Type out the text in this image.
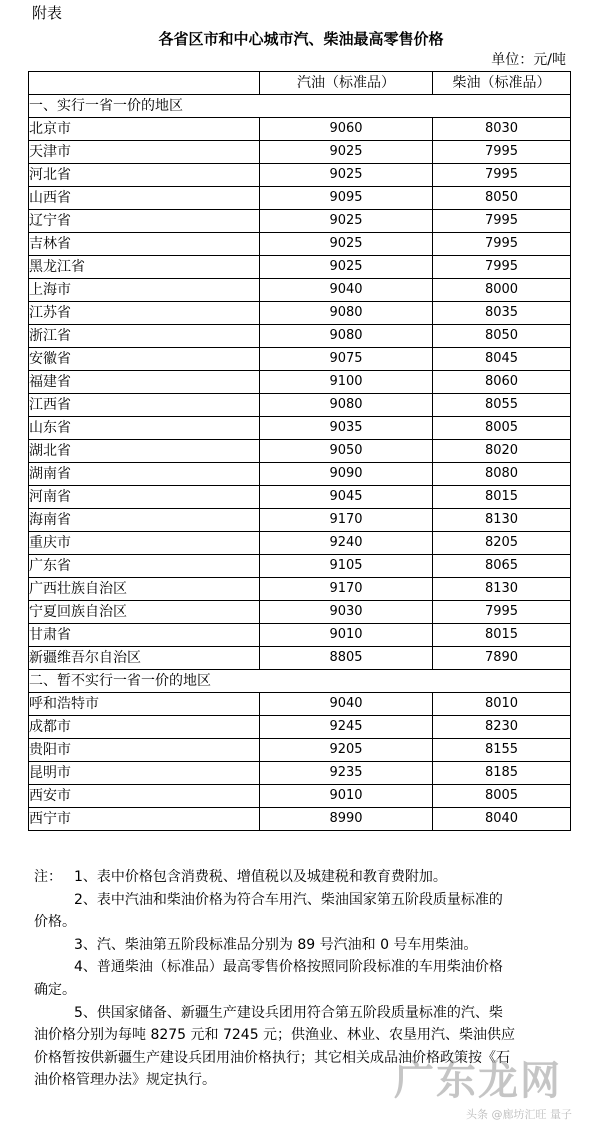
附表
各省区市和中心城市汽、柴油最高零售价格
单位：元/吨
	汽油（标准品）	柴油（标准品）
一、实行一省一价的地区		
北京市	9060	8030
天津市	9025	7995
河北省	9025	7995
山西省	9095	8050
辽宁省	9025	7995
吉林省	9025	7995
黑龙江省	9025	7995
上海市	9040	8000
江苏省	9080	8035
浙江省	9080	8050
安徽省	9075	8045
福建省	9100	8060
江西省	9080	8055
山东省	9035	8005
湖北省	9050	8020
湖南省	9090	8080
河南省	9045	8015
海南省	9170	8130
重庆市	9240	8205
广东省	9105	8065
广西壮族自治区	9170	8130
宁夏回族自治区	9030	7995
甘肃省	9010	8015
新疆维吾尔自治区	8805	7890
二、暂不实行一省一价的地区		
呼和浩特市	9040	8010
成都市	9245	8230
贵阳市	9205	8155
昆明市	9235	8185
西安市	9010	8005
西宁市	8990	8040
注： 1、表中价格包含消费税、增值税以及城建税和教育费附加。
2、表中汽油和柴油价格为符合车用汽、柴油国家第五阶段质量标准的
价格。
3、汽、柴油第五阶段标准品分别为 89 号汽油和 0 号车用柴油。
4、普通柴油（标准品）最高零售价格按照同阶段标准的车用柴油价格
确定。
5、供国家储备、新疆生产建设兵团用符合第五阶段质量标准的汽、柴
油价格分别为每吨 8275 元和 7245 元；供渔业、林业、农垦用汽、柴油供应
价格暂按供新疆生产建设兵团用油价格执行；其它相关成品油价格政策按《石
油价格管理办法》规定执行。	广东龙网
头条 @廊坊汇旺 量子
